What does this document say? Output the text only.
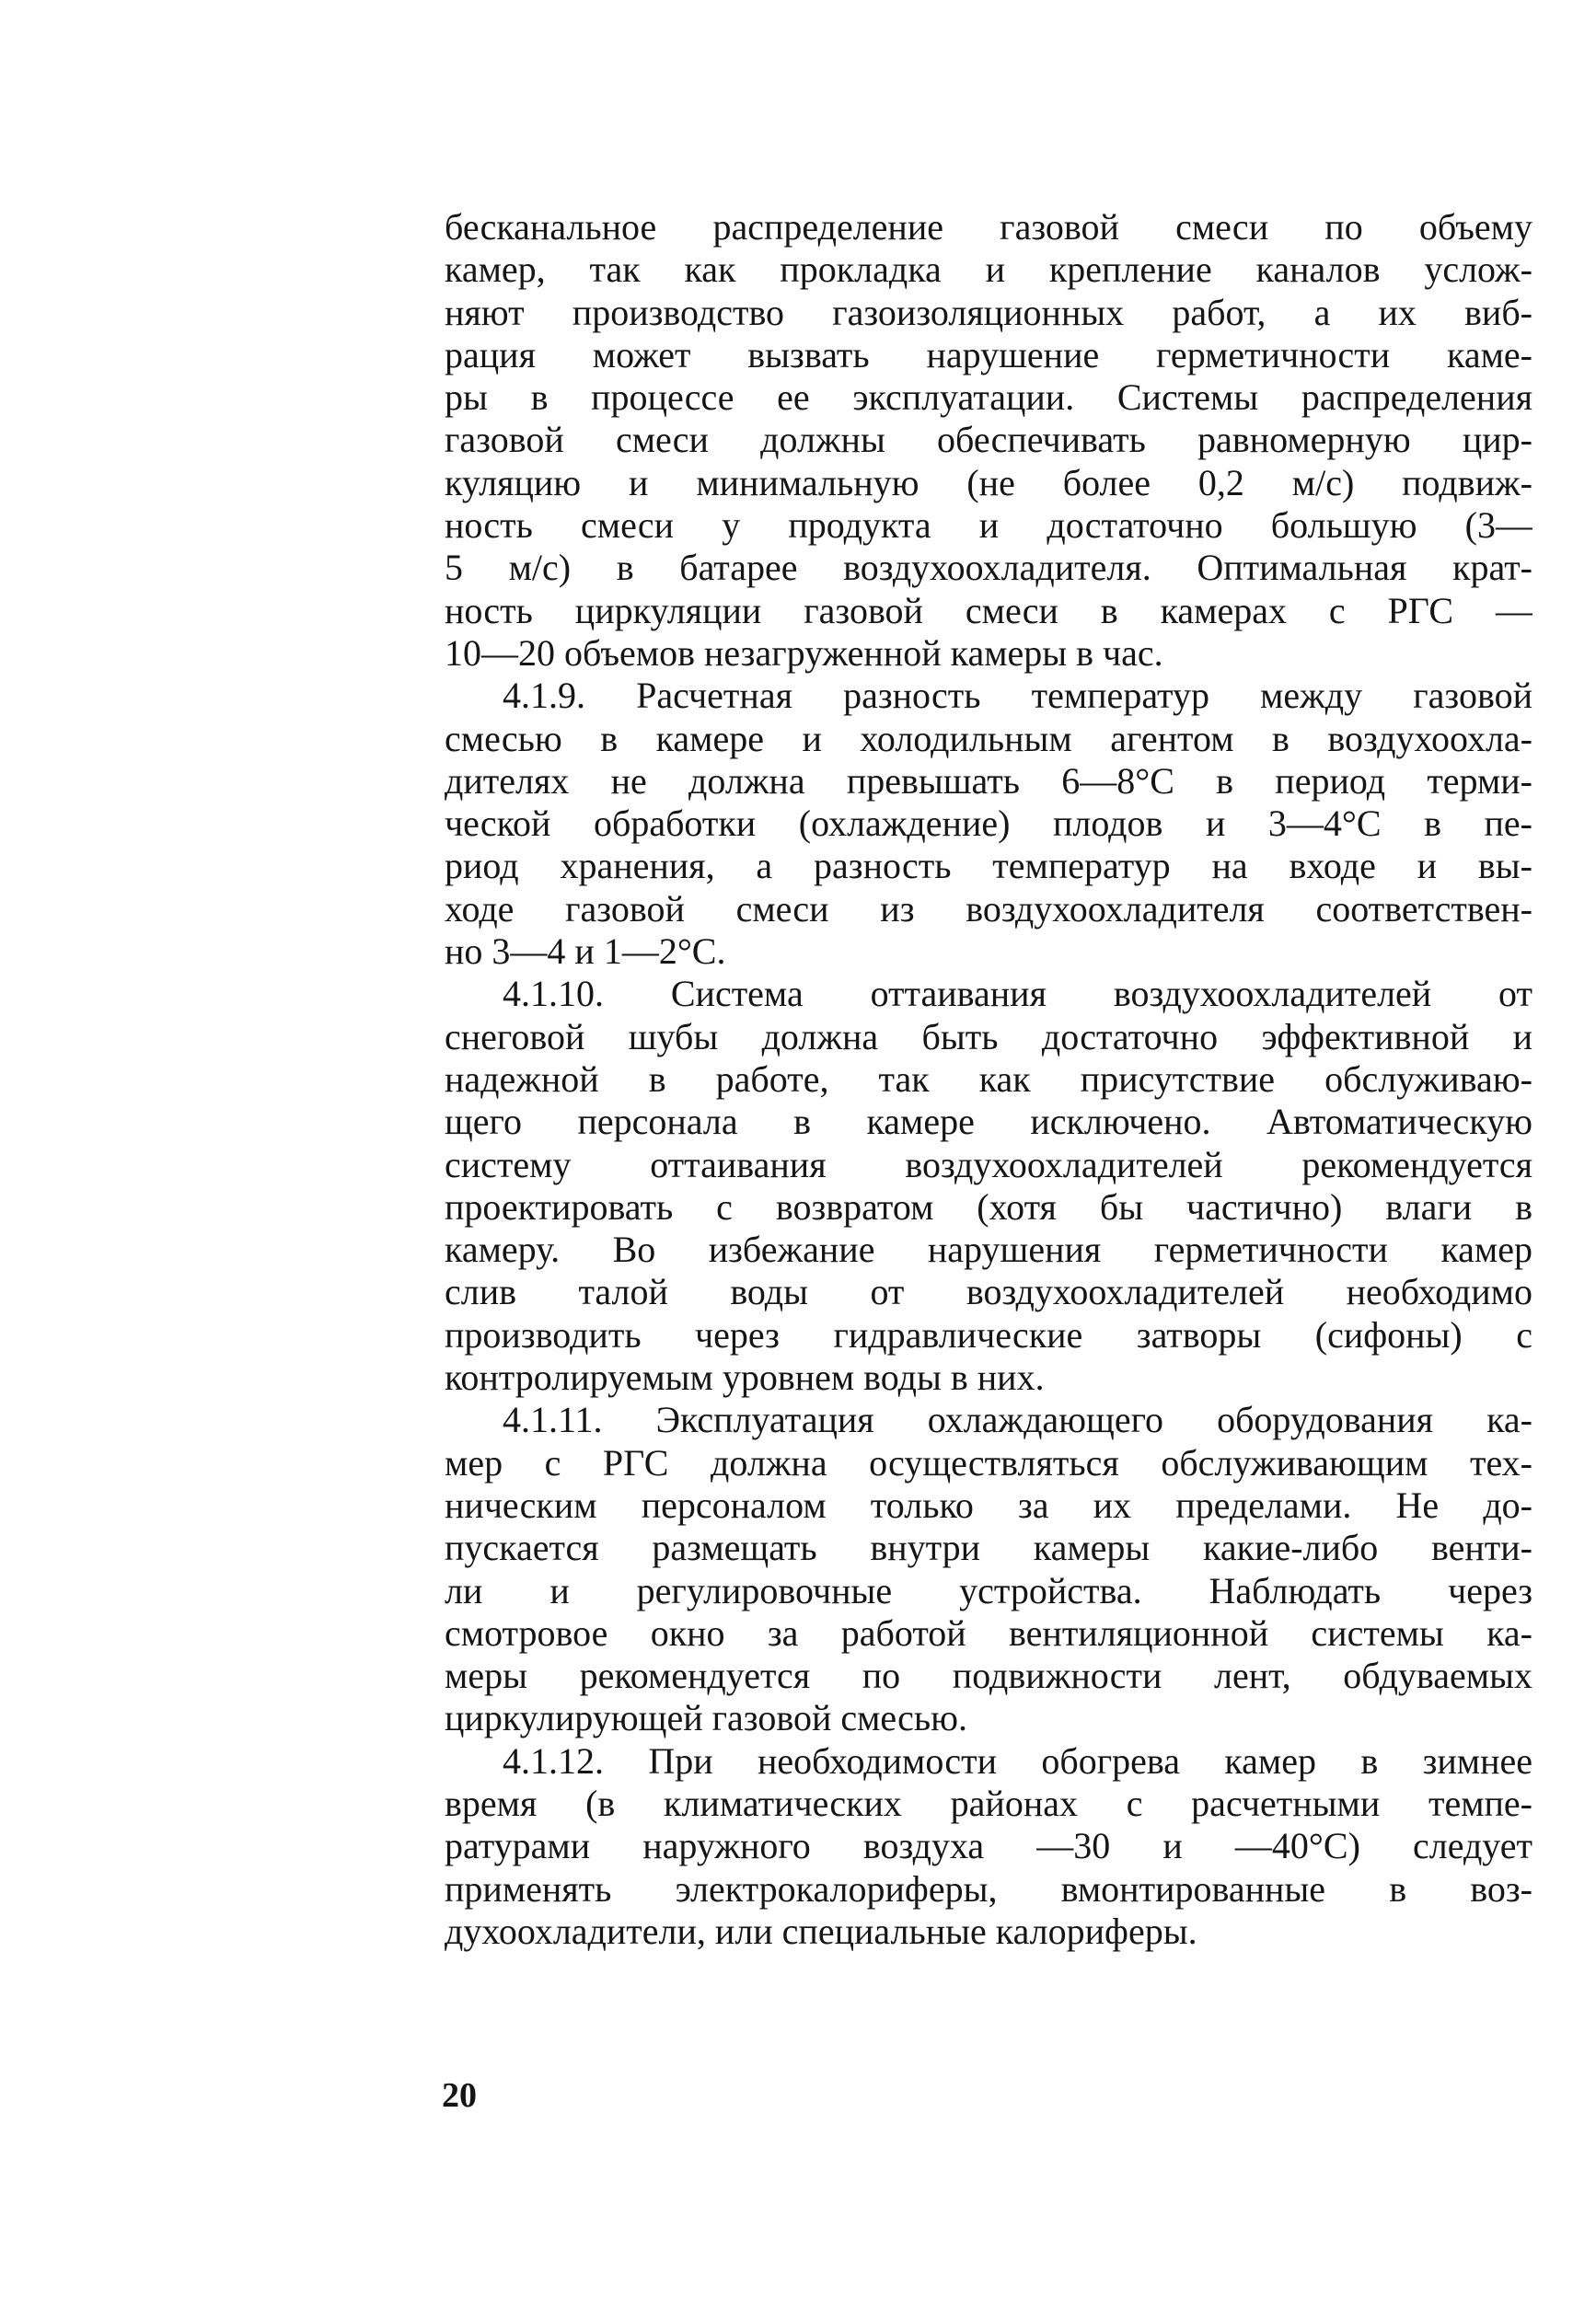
бесканальное распределение газовой смеси по объему
камер, так как прокладка и крепление каналов услож-
няют производство газоизоляционных работ, а их виб-
рация может вызвать нарушение герметичности каме-
ры в процессе ее эксплуатации. Системы распределения
газовой смеси должны обеспечивать равномерную цир-
куляцию и минимальную (не более 0,2 м/с) подвиж-
ность смеси у продукта и достаточно большую (3—
5 м/с) в батарее воздухоохладителя. Оптимальная крат-
ность циркуляции газовой смеси в камерах с РГС —
10—20 объемов незагруженной камеры в час.
4.1.9. Расчетная разность температур между газовой
смесью в камере и холодильным агентом в воздухоохла-
дителях не должна превышать 6—8°С в период терми-
ческой обработки (охлаждение) плодов и 3—4°С в пе-
риод хранения, а разность температур на входе и вы-
ходе газовой смеси из воздухоохладителя соответствен-
но 3—4 и 1—2°С.
4.1.10. Система оттаивания воздухоохладителей от
снеговой шубы должна быть достаточно эффективной и
надежной в работе, так как присутствие обслуживаю-
щего персонала в камере исключено. Автоматическую
систему оттаивания воздухоохладителей рекомендуется
проектировать с возвратом (хотя бы частично) влаги в
камеру. Во избежание нарушения герметичности камер
слив талой воды от воздухоохладителей необходимо
производить через гидравлические затворы (сифоны) с
контролируемым уровнем воды в них.
4.1.11. Эксплуатация охлаждающего оборудования ка-
мер с РГС должна осуществляться обслуживающим тех-
ническим персоналом только за их пределами. Не до-
пускается размещать внутри камеры какие-либо венти-
ли и регулировочные устройства. Наблюдать через
смотровое окно за работой вентиляционной системы ка-
меры рекомендуется по подвижности лент, обдуваемых
циркулирующей газовой смесью.
4.1.12. При необходимости обогрева камер в зимнее
время (в климатических районах с расчетными темпе-
ратурами наружного воздуха —30 и —40°С) следует
применять электрокалориферы, вмонтированные в воз-
духоохладители, или специальные калориферы.
20
